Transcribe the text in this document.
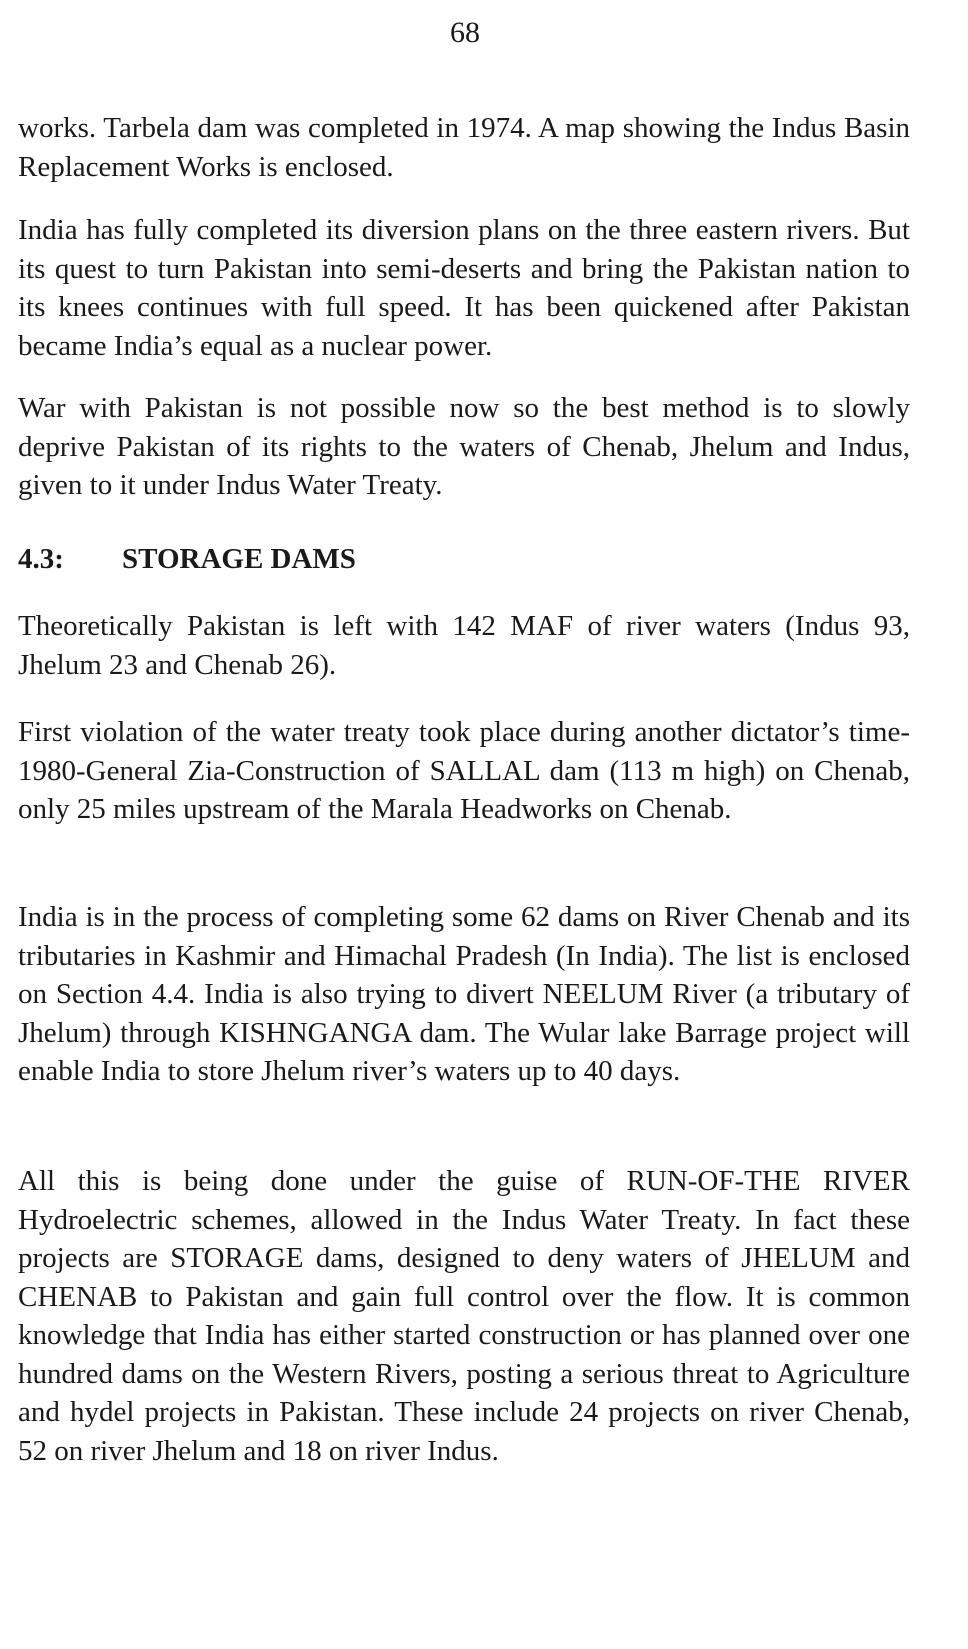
68

works. Tarbela dam was completed in 1974. A map showing the Indus Basin Replacement Works is enclosed.

India has fully completed its diversion plans on the three eastern rivers. But its quest to turn Pakistan into semi-deserts and bring the Pakistan nation to its knees continues with full speed. It has been quickened after Pakistan became India’s equal as a nuclear power.

War with Pakistan is not possible now so the best method is to slowly deprive Pakistan of its rights to the waters of Chenab, Jhelum and Indus, given to it under Indus Water Treaty.

4.3: STORAGE DAMS

Theoretically Pakistan is left with 142 MAF of river waters (Indus 93, Jhelum 23 and Chenab 26).

First violation of the water treaty took place during another dictator’s time-1980-General Zia-Construction of SALLAL dam (113 m high) on Chenab, only 25 miles upstream of the Marala Headworks on Chenab.

India is in the process of completing some 62 dams on River Chenab and its tributaries in Kashmir and Himachal Pradesh (In India). The list is enclosed on Section 4.4. India is also trying to divert NEELUM River (a tributary of Jhelum) through KISHNGANGA dam. The Wular lake Barrage project will enable India to store Jhelum river’s waters up to 40 days.

All this is being done under the guise of RUN-OF-THE RIVER Hydroelectric schemes, allowed in the Indus Water Treaty. In fact these projects are STORAGE dams, designed to deny waters of JHELUM and CHENAB to Pakistan and gain full control over the flow. It is common knowledge that India has either started construction or has planned over one hundred dams on the Western Rivers, posting a serious threat to Agriculture and hydel projects in Pakistan. These include 24 projects on river Chenab, 52 on river Jhelum and 18 on river Indus.
